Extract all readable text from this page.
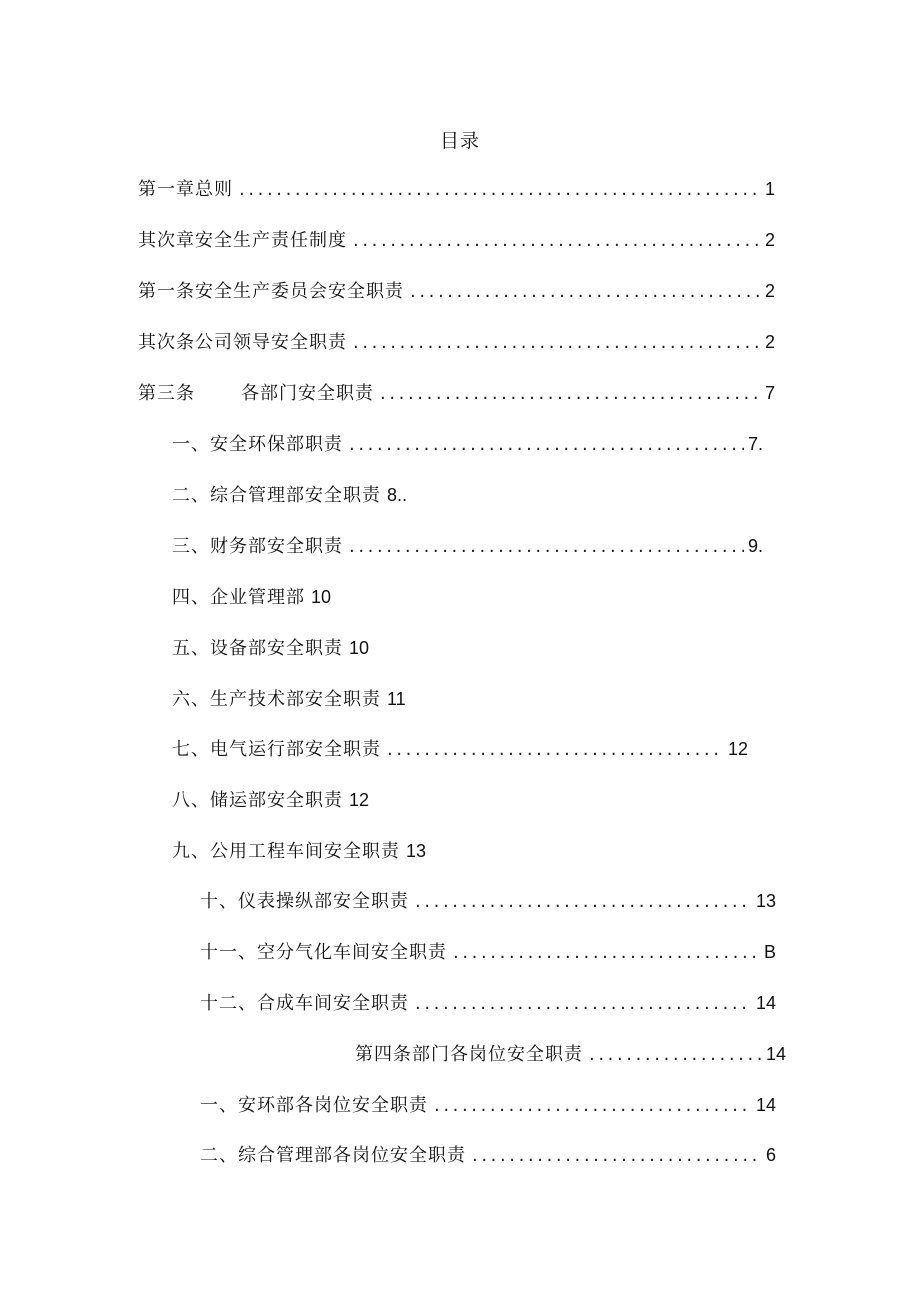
目录
第一章总则 .....	1
其次章安全生产责任制度 .....	2
第一条安全生产委员会安全职责 .....	2
其次条公司领导安全职责 .....	2
第三条	各部门安全职责 .....	7
一、安全环保部职责 .....	7.
二、综合管理部安全职责 8..
三、财务部安全职责 .....	9.
四、企业管理部 10
五、设备部安全职责 10
六、生产技术部安全职责 11
七、电气运行部安全职责 .....	12
八、储运部安全职责 12
九、公用工程车间安全职责 13
十、仪表操纵部安全职责 .....	13
十一、空分气化车间安全职责 .....	B
十二、合成车间安全职责 .....	14
第四条部门各岗位安全职责 .....	14
一、安环部各岗位安全职责 .....	14
二、综合管理部各岗位安全职责 .....	6
